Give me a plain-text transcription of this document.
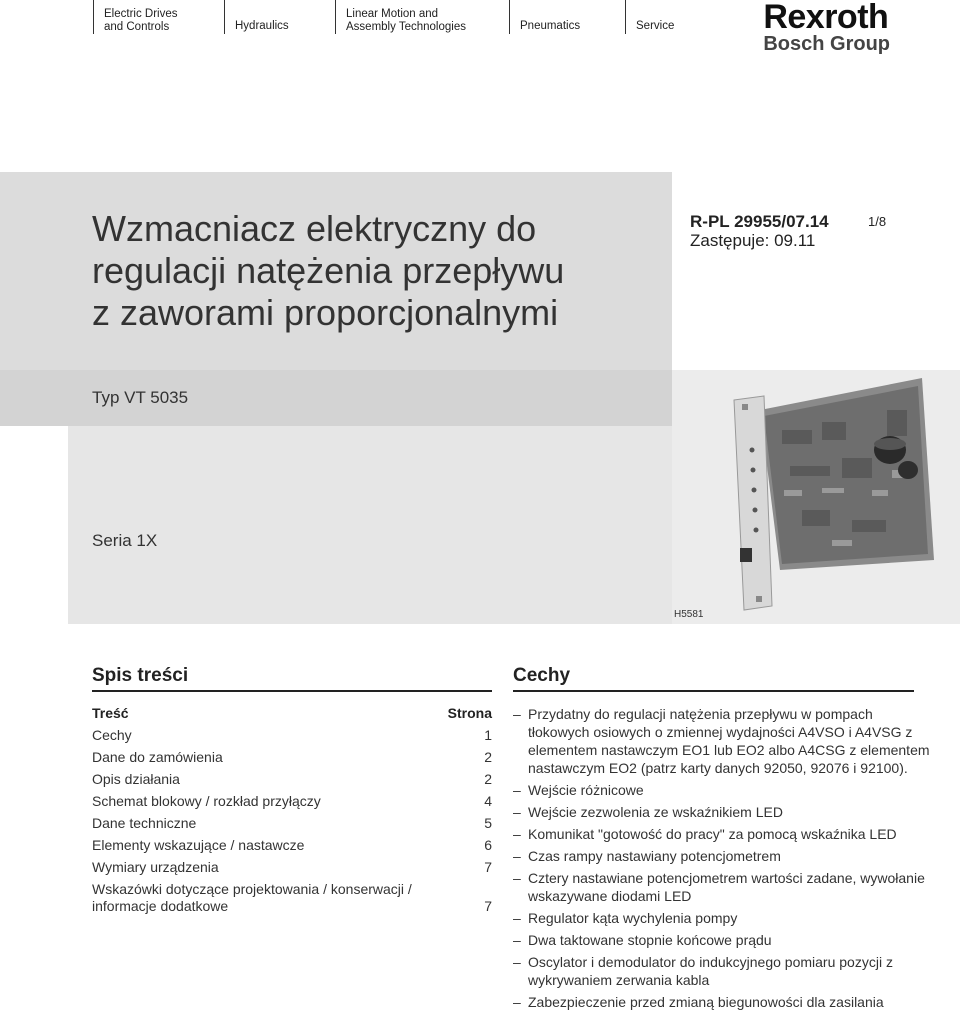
Electric Drives
and Controls	Hydraulics
Linear Motion and
Assembly Technologies	Pneumatics	Service	Rexroth
Bosch Group
Wzmacniacz elektryczny do
regulacji natężenia przepływu
z zaworami proporcjonalnymi
R-PL 29955/07.14
Zastępuje: 09.11
1/8
Typ VT 5035
Seria 1X
H5581
Spis treści
Treść	Strona
Cechy	1
Dane do zamówienia	2
Opis działania	2
Schemat blokowy / rozkład przyłączy	4
Dane techniczne	5
Elementy wskazujące / nastawcze	6
Wymiary urządzenia	7
Wskazówki dotyczące projektowania / konserwacji / informacje dodatkowe	7
Cechy
– Przydatny do regulacji natężenia przepływu w pompach tłokowych osiowych o zmiennej wydajności A4VSO i A4VSG z elementem nastawczym EO1 lub EO2 albo A4CSG z elementem nastawczym EO2 (patrz karty danych 92050, 92076 i 92100).
– Wejście różnicowe
– Wejście zezwolenia ze wskaźnikiem LED
– Komunikat "gotowość do pracy" za pomocą wskaźnika LED
– Czas rampy nastawiany potencjometrem
– Cztery nastawiane potencjometrem wartości zadane, wywołanie wskazywane diodami LED
– Regulator kąta wychylenia pompy
– Dwa taktowane stopnie końcowe prądu
– Oscylator i demodulator do indukcyjnego pomiaru pozycji z wykrywaniem zerwania kabla
– Zabezpieczenie przed zmianą biegunowości dla zasilania
